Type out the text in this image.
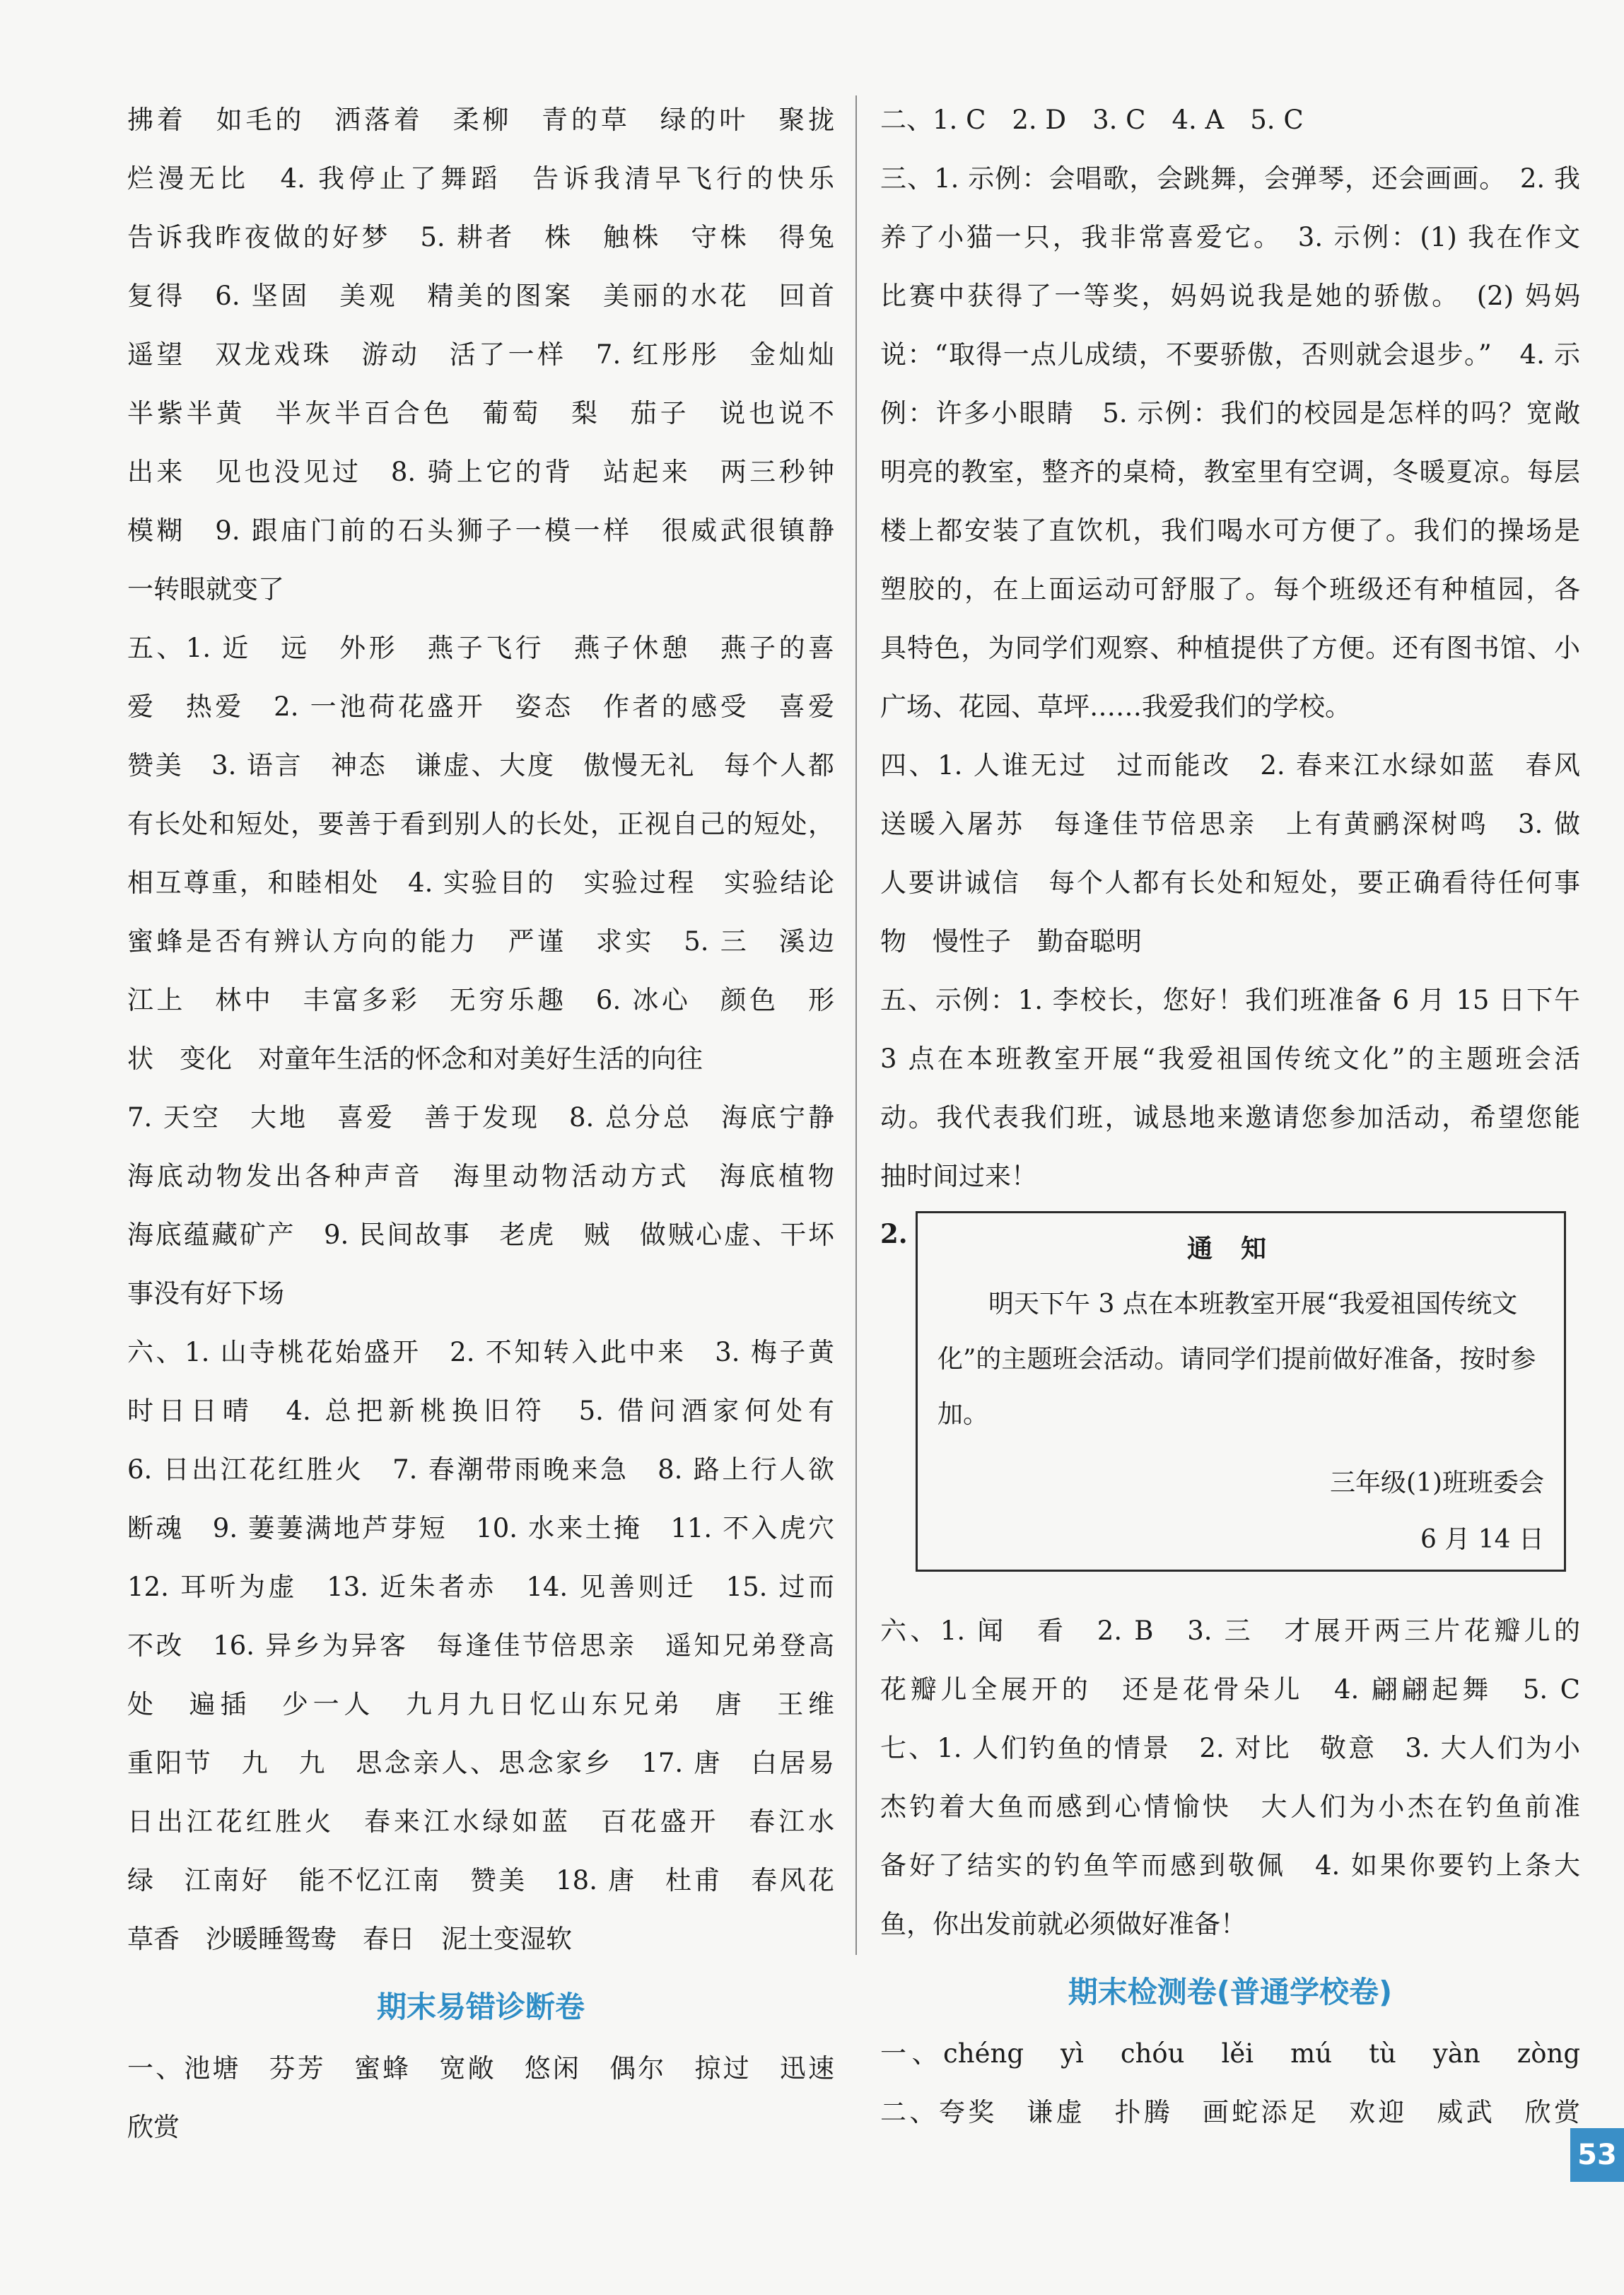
拂着　如毛的　洒落着　柔柳　青的草　绿的叶　聚拢
烂漫无比　4. 我停止了舞蹈　告诉我清早飞行的快乐
告诉我昨夜做的好梦　5. 耕者　株　触株　守株　得兔
复得　6. 坚固　美观　精美的图案　美丽的水花　回首
遥望　双龙戏珠　游动　活了一样　7. 红彤彤　金灿灿
半紫半黄　半灰半百合色　葡萄　梨　茄子　说也说不
出来　见也没见过　8. 骑上它的背　站起来　两三秒钟
模糊　9. 跟庙门前的石头狮子一模一样　很威武很镇静
一转眼就变了
五、1. 近　远　外形　燕子飞行　燕子休憩　燕子的喜
爱　热爱　2. 一池荷花盛开　姿态　作者的感受　喜爱
赞美　3. 语言　神态　谦虚、大度　傲慢无礼　每个人都
有长处和短处，要善于看到别人的长处，正视自己的短处，
相互尊重，和睦相处　4. 实验目的　实验过程　实验结论
蜜蜂是否有辨认方向的能力　严谨　求实　5. 三　溪边
江上　林中　丰富多彩　无穷乐趣　6. 冰心　颜色　形
状　变化　对童年生活的怀念和对美好生活的向往
7. 天空　大地　喜爱　善于发现　8. 总分总　海底宁静
海底动物发出各种声音　海里动物活动方式　海底植物
海底蕴藏矿产　9. 民间故事　老虎　贼　做贼心虚、干坏
事没有好下场
六、1. 山寺桃花始盛开　2. 不知转入此中来　3. 梅子黄
时日日晴　4. 总把新桃换旧符　5. 借问酒家何处有
6. 日出江花红胜火　7. 春潮带雨晚来急　8. 路上行人欲
断魂　9. 萋萋满地芦芽短　10. 水来土掩　11. 不入虎穴
12. 耳听为虚　13. 近朱者赤　14. 见善则迁　15. 过而
不改　16. 异乡为异客　每逢佳节倍思亲　遥知兄弟登高
处　遍插　少一人　九月九日忆山东兄弟　唐　王维
重阳节　九　九　思念亲人、思念家乡　17. 唐　白居易
日出江花红胜火　春来江水绿如蓝　百花盛开　春江水
绿　江南好　能不忆江南　赞美　18. 唐　杜甫　春风花
草香　沙暖睡鸳鸯　春日　泥土变湿软
期末易错诊断卷
一、池塘　芬芳　蜜蜂　宽敞　悠闲　偶尔　掠过　迅速
欣赏
二、1. C　2. D　3. C　4. A　5. C
三、1. 示例：会唱歌，会跳舞，会弹琴，还会画画。　2. 我
养了小猫一只，我非常喜爱它。　3. 示例：(1) 我在作文
比赛中获得了一等奖，妈妈说我是她的骄傲。　(2) 妈妈
说：“取得一点儿成绩，不要骄傲，否则就会退步。”　4. 示
例：许多小眼睛　5. 示例：我们的校园是怎样的吗？宽敞
明亮的教室，整齐的桌椅，教室里有空调，冬暖夏凉。每层
楼上都安装了直饮机，我们喝水可方便了。我们的操场是
塑胶的，在上面运动可舒服了。每个班级还有种植园，各
具特色，为同学们观察、种植提供了方便。还有图书馆、小
广场、花园、草坪……我爱我们的学校。
四、1. 人谁无过　过而能改　2. 春来江水绿如蓝　春风
送暖入屠苏　每逢佳节倍思亲　上有黄鹂深树鸣　3. 做
人要讲诚信　每个人都有长处和短处，要正确看待任何事
物　慢性子　勤奋聪明
五、示例：1. 李校长，您好！我们班准备 6 月 15 日下午
3 点在本班教室开展“我爱祖国传统文化”的主题班会活
动。我代表我们班，诚恳地来邀请您参加活动，希望您能
抽时间过来！
2.	通知
明天下午 3 点在本班教室开展“我爱祖国传统文化”的主题班会活动。请同学们提前做好准备，按时参加。
三年级(1)班班委会
6 月 14 日
六、1. 闻　看　2. B　3. 三　才展开两三片花瓣儿的
花瓣儿全展开的　还是花骨朵儿　4. 翩翩起舞　5. C
七、1. 人们钓鱼的情景　2. 对比　敬意　3. 大人们为小
杰钓着大鱼而感到心情愉快　大人们为小杰在钓鱼前准
备好了结实的钓鱼竿而感到敬佩　4. 如果你要钓上条大
鱼，你出发前就必须做好准备！
期末检测卷(普通学校卷)
一、chéng　yì　chóu　lěi　mú　tù　yàn　zòng
二、夸奖　谦虚　扑腾　画蛇添足　欢迎　威武　欣赏
53
